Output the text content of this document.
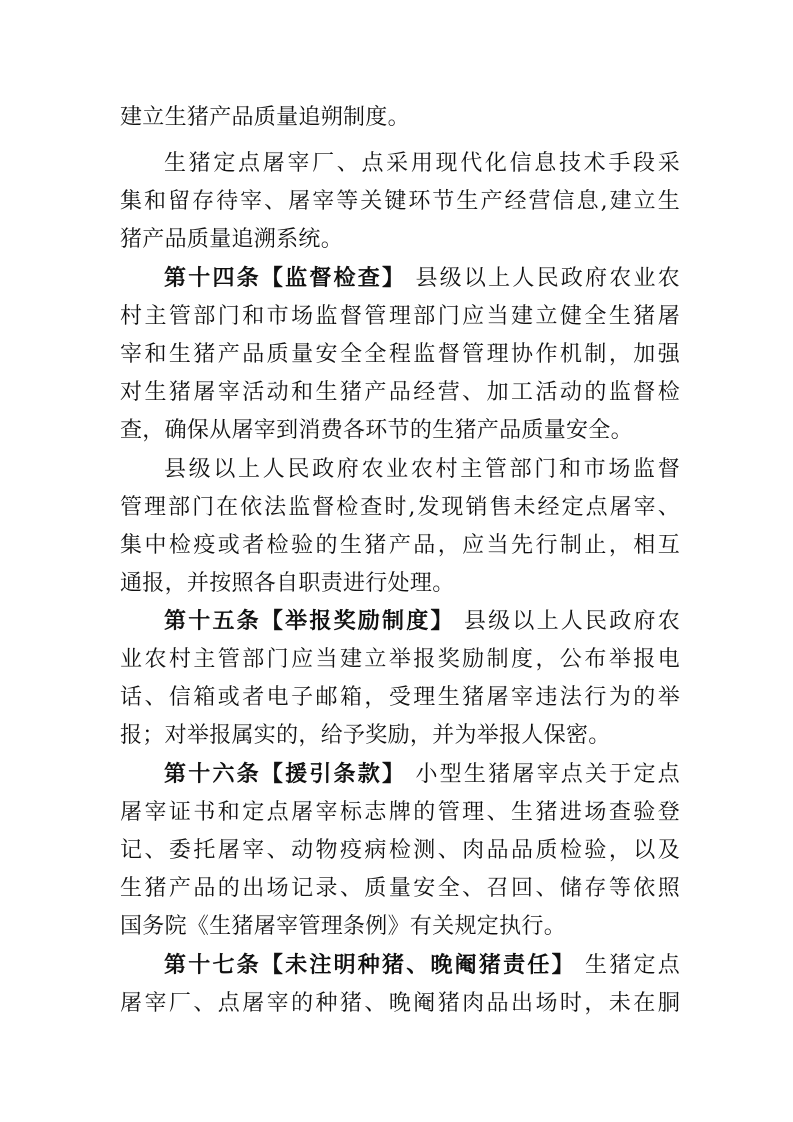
建立生猪产品质量追朔制度。
生猪定点屠宰厂、点采用现代化信息技术手段采
集和留存待宰、屠宰等关键环节生产经营信息,建立生
猪产品质量追溯系统。
第十四条【监督检查】 县级以上人民政府农业农
村主管部门和市场监督管理部门应当建立健全生猪屠
宰和生猪产品质量安全全程监督管理协作机制，加强
对生猪屠宰活动和生猪产品经营、加工活动的监督检
查，确保从屠宰到消费各环节的生猪产品质量安全。
县级以上人民政府农业农村主管部门和市场监督
管理部门在依法监督检查时,发现销售未经定点屠宰、
集中检疫或者检验的生猪产品，应当先行制止，相互
通报，并按照各自职责进行处理。
第十五条【举报奖励制度】 县级以上人民政府农
业农村主管部门应当建立举报奖励制度，公布举报电
话、信箱或者电子邮箱，受理生猪屠宰违法行为的举
报；对举报属实的，给予奖励，并为举报人保密。
第十六条【援引条款】 小型生猪屠宰点关于定点
屠宰证书和定点屠宰标志牌的管理、生猪进场查验登
记、委托屠宰、动物疫病检测、肉品品质检验，以及
生猪产品的出场记录、质量安全、召回、储存等依照
国务院《生猪屠宰管理条例》有关规定执行。
第十七条【未注明种猪、晚阉猪责任】 生猪定点
屠宰厂、点屠宰的种猪、晚阉猪肉品出场时，未在胴
